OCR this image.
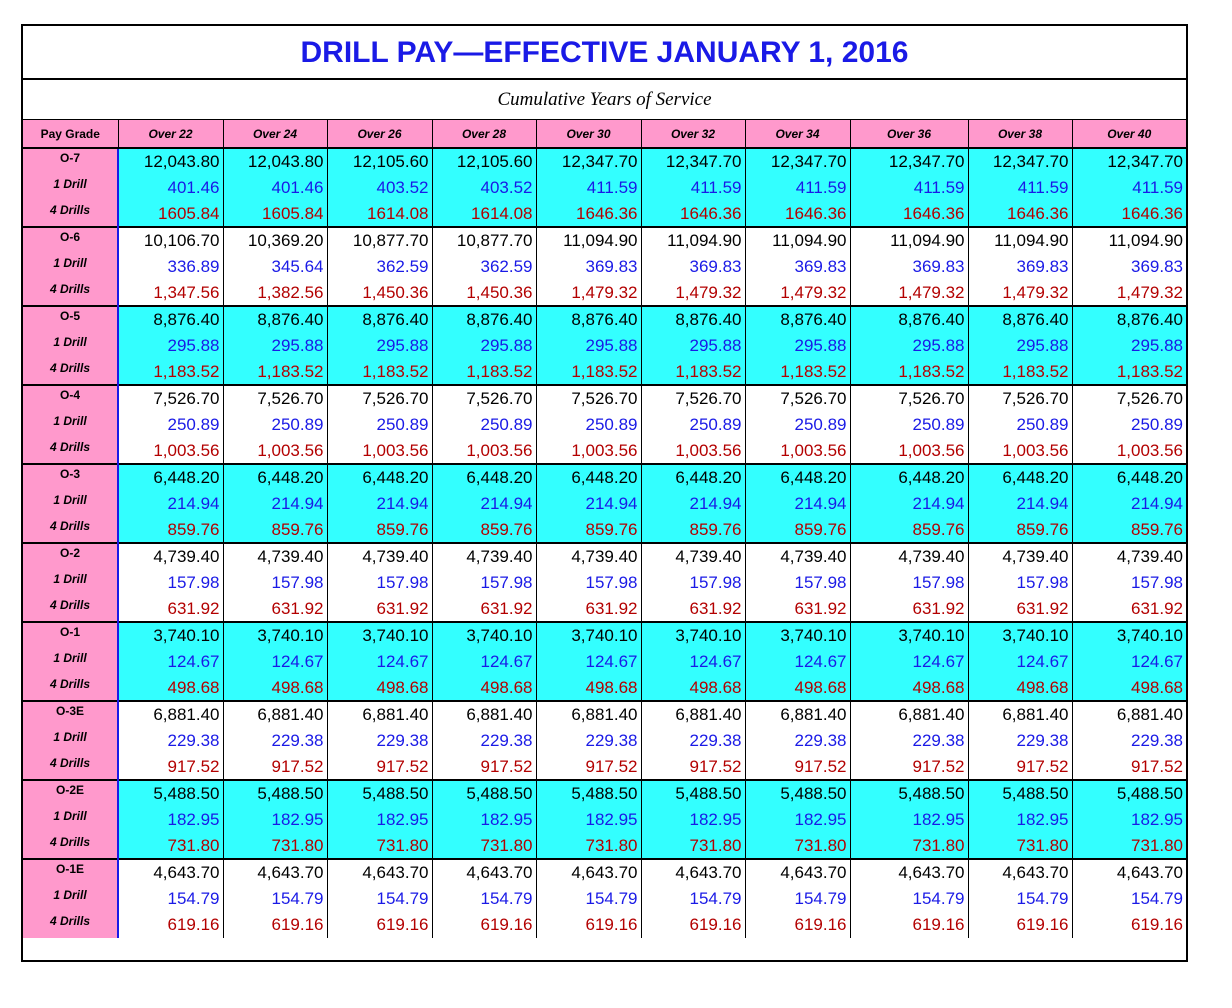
DRILL PAY—EFFECTIVE JANUARY 1, 2016
Cumulative Years of Service
Pay Grade	Over 22	Over 24	Over 26	Over 28	Over 30	Over 32	Over 34	Over 36	Over 38	Over 40
O-7	12,043.80	12,043.80	12,105.60	12,105.60	12,347.70	12,347.70	12,347.70	12,347.70	12,347.70	12,347.70
1 Drill	401.46	401.46	403.52	403.52	411.59	411.59	411.59	411.59	411.59	411.59
4 Drills	1605.84	1605.84	1614.08	1614.08	1646.36	1646.36	1646.36	1646.36	1646.36	1646.36
O-6	10,106.70	10,369.20	10,877.70	10,877.70	11,094.90	11,094.90	11,094.90	11,094.90	11,094.90	11,094.90
1 Drill	336.89	345.64	362.59	362.59	369.83	369.83	369.83	369.83	369.83	369.83
4 Drills	1,347.56	1,382.56	1,450.36	1,450.36	1,479.32	1,479.32	1,479.32	1,479.32	1,479.32	1,479.32
O-5	8,876.40	8,876.40	8,876.40	8,876.40	8,876.40	8,876.40	8,876.40	8,876.40	8,876.40	8,876.40
1 Drill	295.88	295.88	295.88	295.88	295.88	295.88	295.88	295.88	295.88	295.88
4 Drills	1,183.52	1,183.52	1,183.52	1,183.52	1,183.52	1,183.52	1,183.52	1,183.52	1,183.52	1,183.52
O-4	7,526.70	7,526.70	7,526.70	7,526.70	7,526.70	7,526.70	7,526.70	7,526.70	7,526.70	7,526.70
1 Drill	250.89	250.89	250.89	250.89	250.89	250.89	250.89	250.89	250.89	250.89
4 Drills	1,003.56	1,003.56	1,003.56	1,003.56	1,003.56	1,003.56	1,003.56	1,003.56	1,003.56	1,003.56
O-3	6,448.20	6,448.20	6,448.20	6,448.20	6,448.20	6,448.20	6,448.20	6,448.20	6,448.20	6,448.20
1 Drill	214.94	214.94	214.94	214.94	214.94	214.94	214.94	214.94	214.94	214.94
4 Drills	859.76	859.76	859.76	859.76	859.76	859.76	859.76	859.76	859.76	859.76
O-2	4,739.40	4,739.40	4,739.40	4,739.40	4,739.40	4,739.40	4,739.40	4,739.40	4,739.40	4,739.40
1 Drill	157.98	157.98	157.98	157.98	157.98	157.98	157.98	157.98	157.98	157.98
4 Drills	631.92	631.92	631.92	631.92	631.92	631.92	631.92	631.92	631.92	631.92
O-1	3,740.10	3,740.10	3,740.10	3,740.10	3,740.10	3,740.10	3,740.10	3,740.10	3,740.10	3,740.10
1 Drill	124.67	124.67	124.67	124.67	124.67	124.67	124.67	124.67	124.67	124.67
4 Drills	498.68	498.68	498.68	498.68	498.68	498.68	498.68	498.68	498.68	498.68
O-3E	6,881.40	6,881.40	6,881.40	6,881.40	6,881.40	6,881.40	6,881.40	6,881.40	6,881.40	6,881.40
1 Drill	229.38	229.38	229.38	229.38	229.38	229.38	229.38	229.38	229.38	229.38
4 Drills	917.52	917.52	917.52	917.52	917.52	917.52	917.52	917.52	917.52	917.52
O-2E	5,488.50	5,488.50	5,488.50	5,488.50	5,488.50	5,488.50	5,488.50	5,488.50	5,488.50	5,488.50
1 Drill	182.95	182.95	182.95	182.95	182.95	182.95	182.95	182.95	182.95	182.95
4 Drills	731.80	731.80	731.80	731.80	731.80	731.80	731.80	731.80	731.80	731.80
O-1E	4,643.70	4,643.70	4,643.70	4,643.70	4,643.70	4,643.70	4,643.70	4,643.70	4,643.70	4,643.70
1 Drill	154.79	154.79	154.79	154.79	154.79	154.79	154.79	154.79	154.79	154.79
4 Drills	619.16	619.16	619.16	619.16	619.16	619.16	619.16	619.16	619.16	619.16
